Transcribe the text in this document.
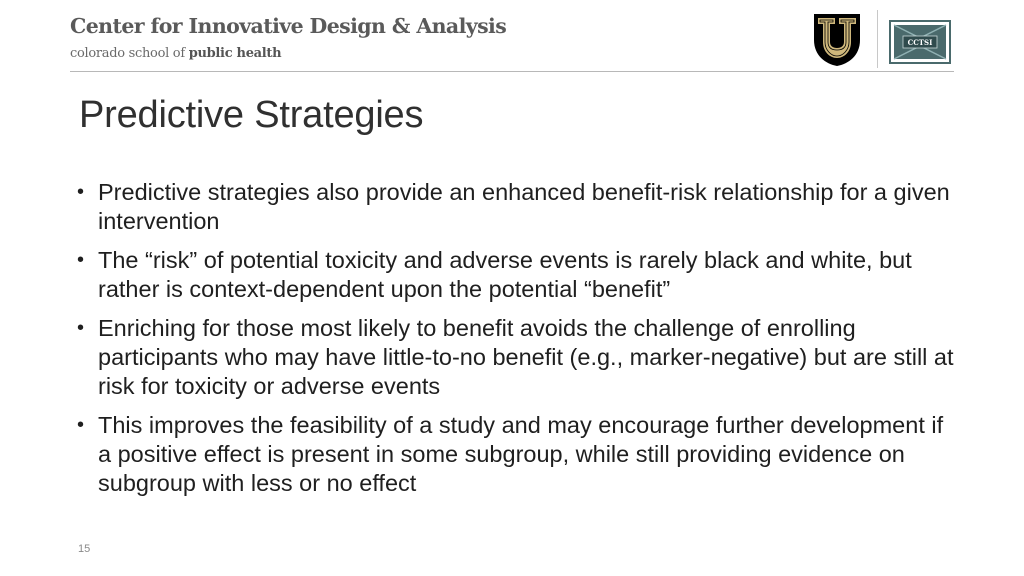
Center for Innovative Design & Analysis
colorado school of public health
CCTSI
Predictive Strategies
• Predictive strategies also provide an enhanced benefit-risk relationship for a given intervention
• The “risk” of potential toxicity and adverse events is rarely black and white, but rather is context-dependent upon the potential “benefit”
• Enriching for those most likely to benefit avoids the challenge of enrolling participants who may have little-to-no benefit (e.g., marker-negative) but are still at risk for toxicity or adverse events
• This improves the feasibility of a study and may encourage further development if a positive effect is present in some subgroup, while still providing evidence on subgroup with less or no effect
15
